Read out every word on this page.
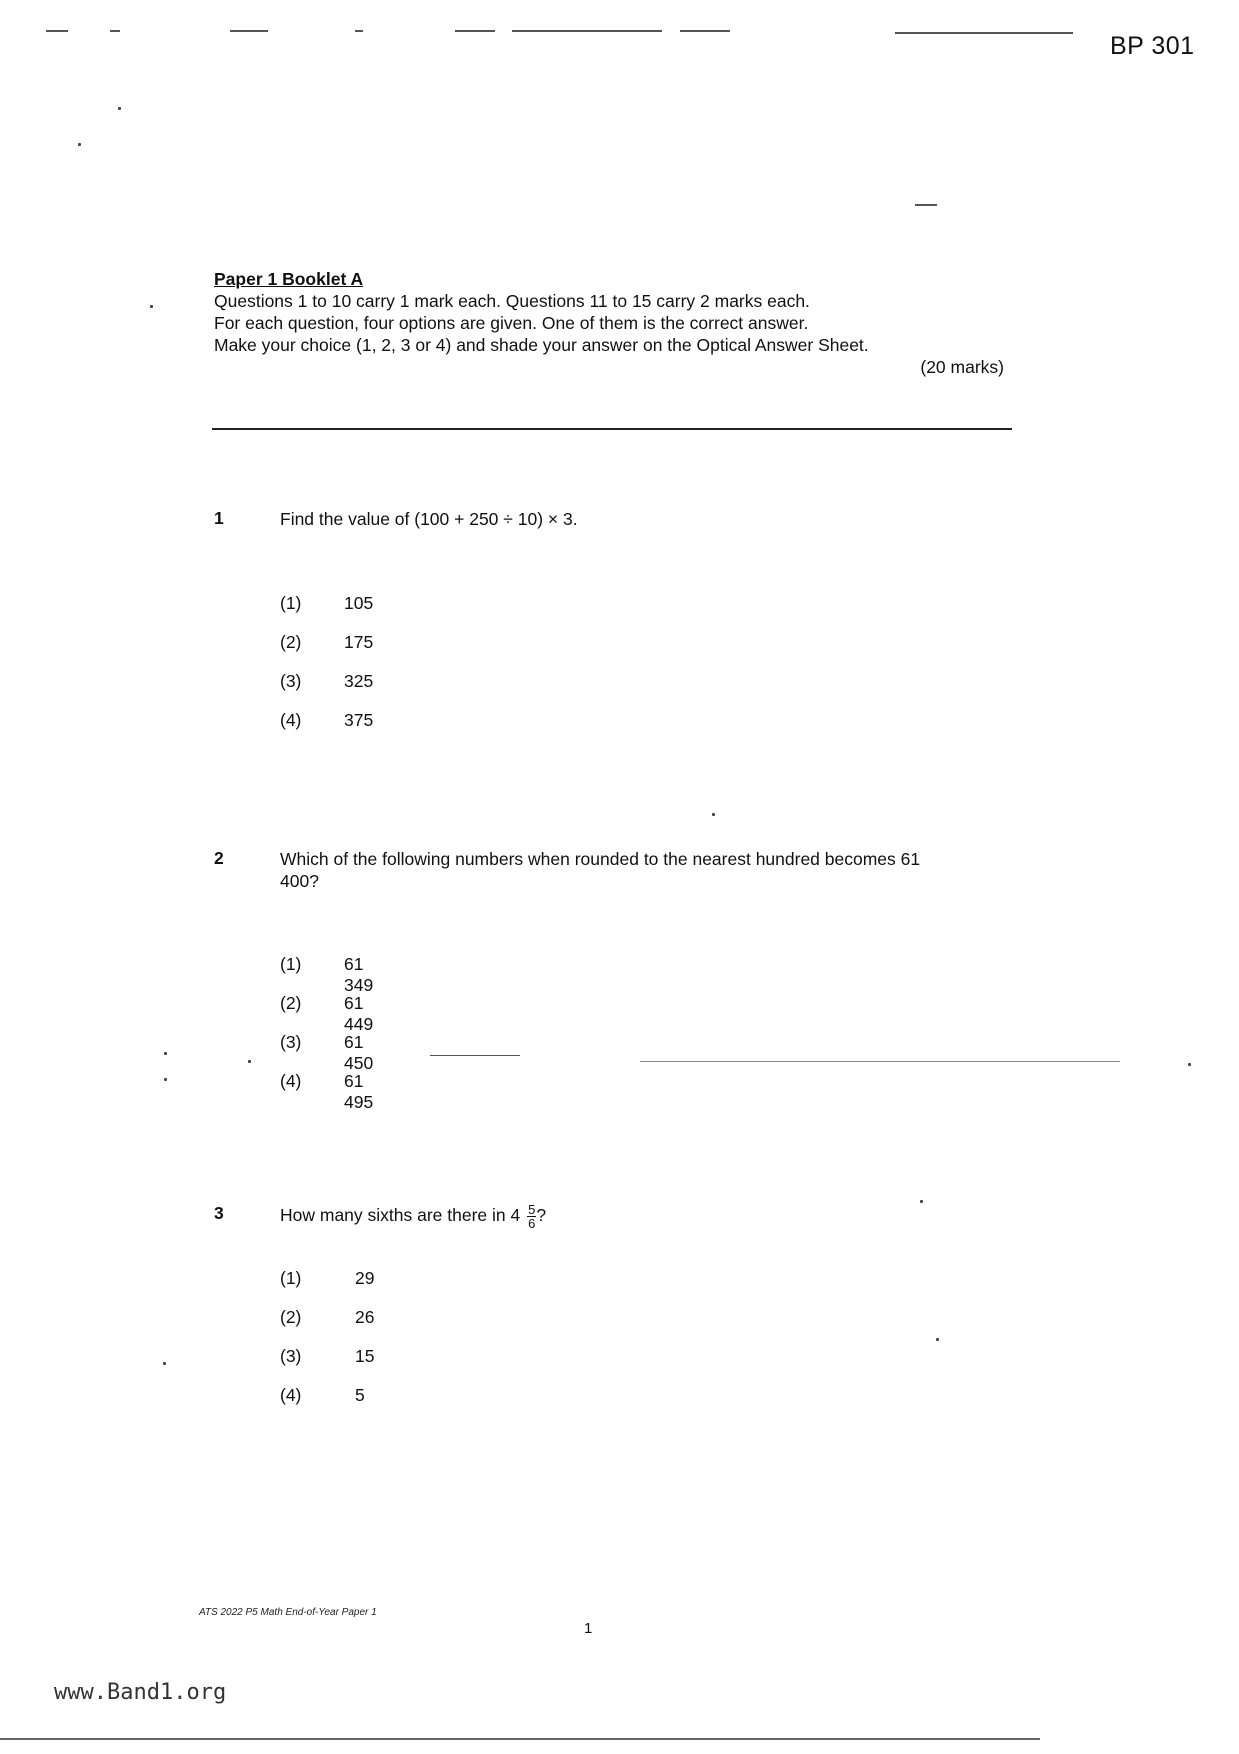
BP 301
Paper 1 Booklet A
Questions 1 to 10 carry 1 mark each. Questions 11 to 15 carry 2 marks each.
For each question, four options are given. One of them is the correct answer.
Make your choice (1, 2, 3 or 4) and shade your answer on the Optical Answer Sheet.
(20 marks)
1	Find the value of (100 + 250 ÷ 10) × 3.
(1) 105
(2) 175
(3) 325
(4) 375
2	Which of the following numbers when rounded to the nearest hundred becomes 61 400?
(1) 61 349
(2) 61 449
(3) 61 450
(4) 61 495
3	How many sixths are there in $4 \frac{5}{6}$ ?
(1)	29
(2)	26
(3)	15
(4)	5
ATS 2022 P5 Math End-of-Year Paper 1
1
www.Band1.org
